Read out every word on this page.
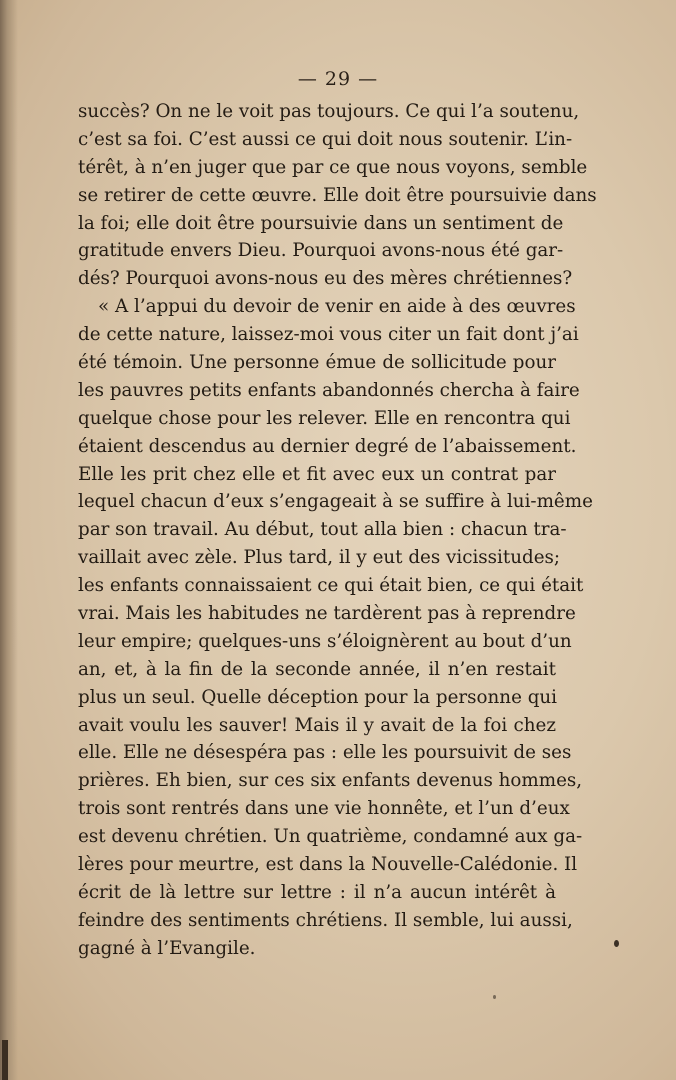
— 29 —
succès? On ne le voit pas toujours. Ce qui l’a soutenu,
c’est sa foi. C’est aussi ce qui doit nous soutenir. L’in-
térêt, à n’en juger que par ce que nous voyons, semble
se retirer de cette œuvre. Elle doit être poursuivie dans
la foi; elle doit être poursuivie dans un sentiment de
gratitude envers Dieu. Pourquoi avons-nous été gar-
dés? Pourquoi avons-nous eu des mères chrétiennes?
« A l’appui du devoir de venir en aide à des œuvres
de cette nature, laissez-moi vous citer un fait dont j’ai
été témoin. Une personne émue de sollicitude pour
les pauvres petits enfants abandonnés chercha à faire
quelque chose pour les relever. Elle en rencontra qui
étaient descendus au dernier degré de l’abaissement.
Elle les prit chez elle et fit avec eux un contrat par
lequel chacun d’eux s’engageait à se suffire à lui-même
par son travail. Au début, tout alla bien : chacun tra-
vaillait avec zèle. Plus tard, il y eut des vicissitudes;
les enfants connaissaient ce qui était bien, ce qui était
vrai. Mais les habitudes ne tardèrent pas à reprendre
leur empire; quelques-uns s’éloignèrent au bout d’un
an, et, à la fin de la seconde année, il n’en restait
plus un seul. Quelle déception pour la personne qui
avait voulu les sauver! Mais il y avait de la foi chez
elle. Elle ne désespéra pas : elle les poursuivit de ses
prières. Eh bien, sur ces six enfants devenus hommes,
trois sont rentrés dans une vie honnête, et l’un d’eux
est devenu chrétien. Un quatrième, condamné aux ga-
lères pour meurtre, est dans la Nouvelle-Calédonie. Il
écrit de là lettre sur lettre : il n’a aucun intérêt à
feindre des sentiments chrétiens. Il semble, lui aussi,
gagné à l’Evangile.
